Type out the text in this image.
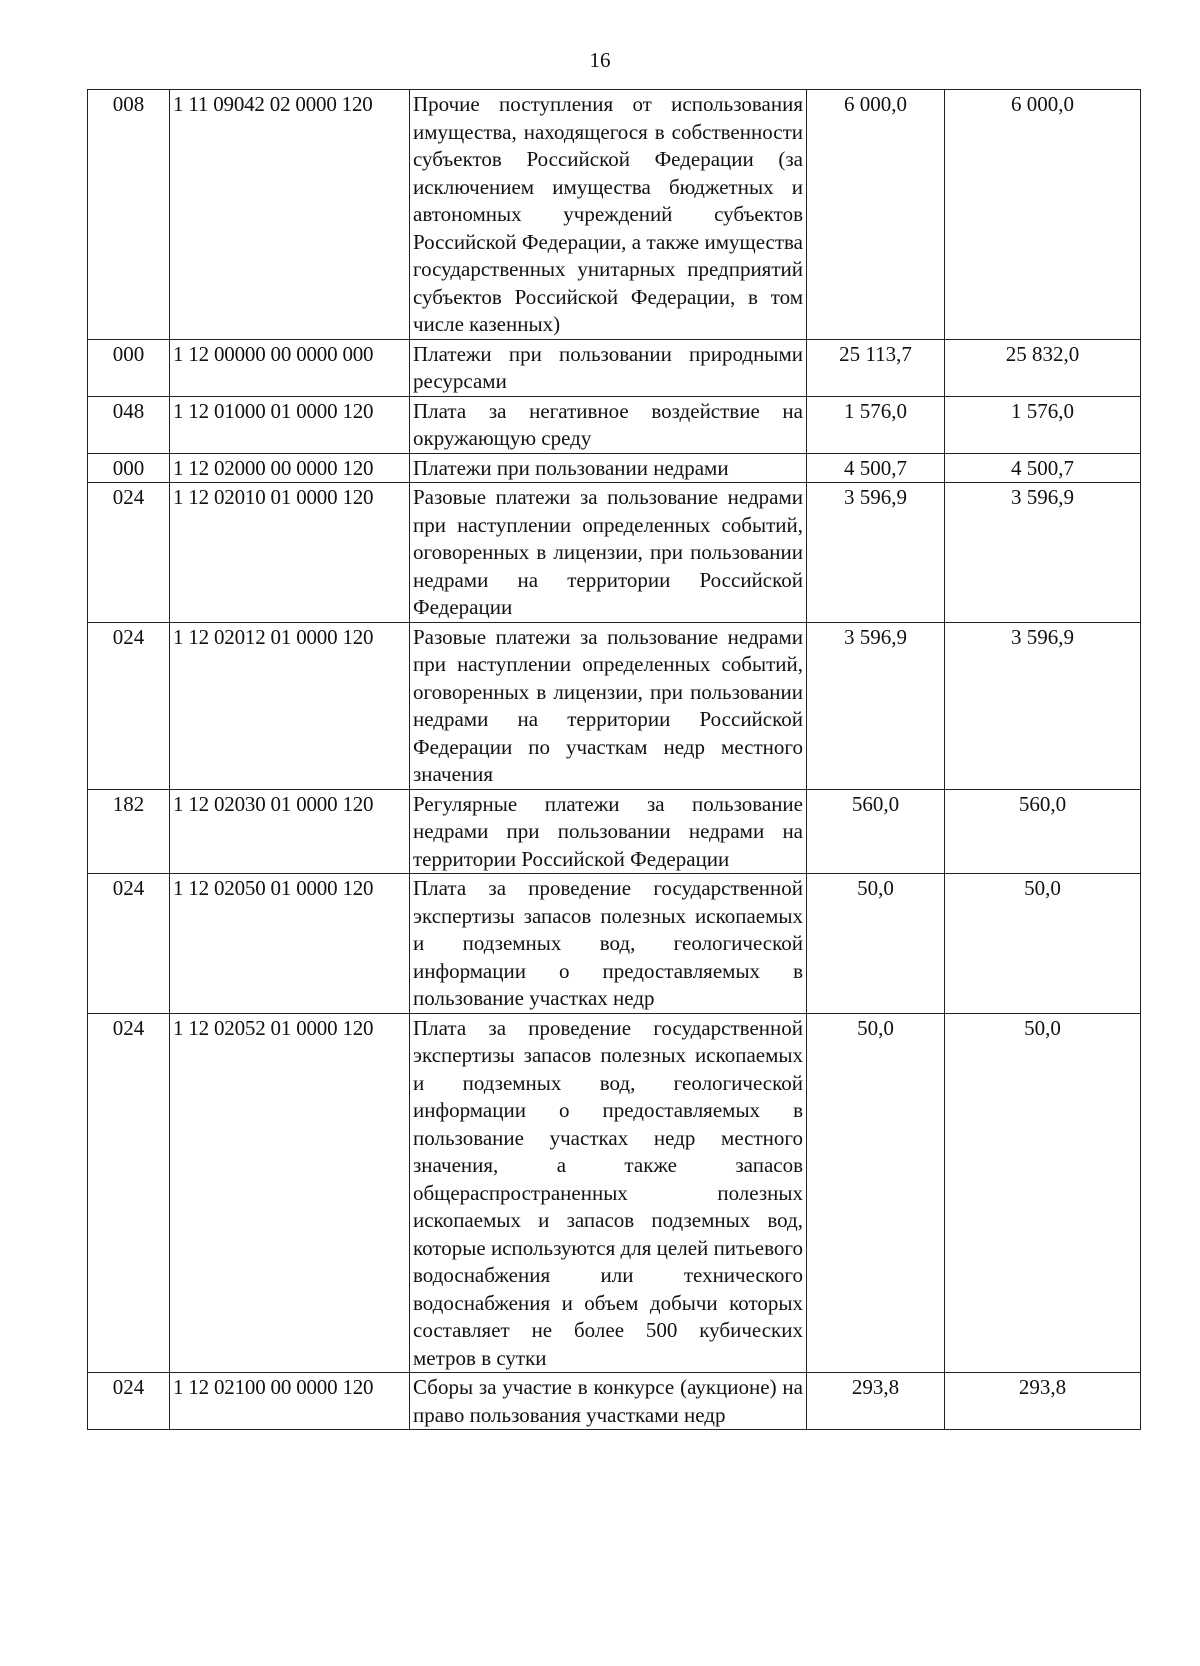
16
008	1 11 09042 02 0000 120	Прочие поступления от использования имущества, находящегося в собственности субъектов Российской Федерации (за исключением имущества бюджетных и автономных учреждений субъектов Российской Федерации, а также имущества государственных унитарных предприятий субъектов Российской Федерации, в том числе казенных)	6 000,0	6 000,0
000	1 12 00000 00 0000 000	Платежи при пользовании природными ресурсами	25 113,7	25 832,0
048	1 12 01000 01 0000 120	Плата за негативное воздействие на окружающую среду	1 576,0	1 576,0
000	1 12 02000 00 0000 120	Платежи при пользовании недрами	4 500,7	4 500,7
024	1 12 02010 01 0000 120	Разовые платежи за пользование недрами при наступлении определенных событий, оговоренных в лицензии, при пользовании недрами на территории Российской Федерации	3 596,9	3 596,9
024	1 12 02012 01 0000 120	Разовые платежи за пользование недрами при наступлении определенных событий, оговоренных в лицензии, при пользовании недрами на территории Российской Федерации по участкам недр местного значения	3 596,9	3 596,9
182	1 12 02030 01 0000 120	Регулярные платежи за пользование недрами при пользовании недрами на территории Российской Федерации	560,0	560,0
024	1 12 02050 01 0000 120	Плата за проведение государственной экспертизы запасов полезных ископаемых и подземных вод, геологической информации о предоставляемых в пользование участках недр	50,0	50,0
024	1 12 02052 01 0000 120	Плата за проведение государственной экспертизы запасов полезных ископаемых и подземных вод, геологической информации о предоставляемых в пользование участках недр местного значения, а также запасов общераспространенных полезных ископаемых и запасов подземных вод, которые используются для целей питьевого водоснабжения или технического водоснабжения и объем добычи которых составляет не более 500 кубических метров в сутки	50,0	50,0
024	1 12 02100 00 0000 120	Сборы за участие в конкурсе (аукционе) на право пользования участками недр	293,8	293,8
